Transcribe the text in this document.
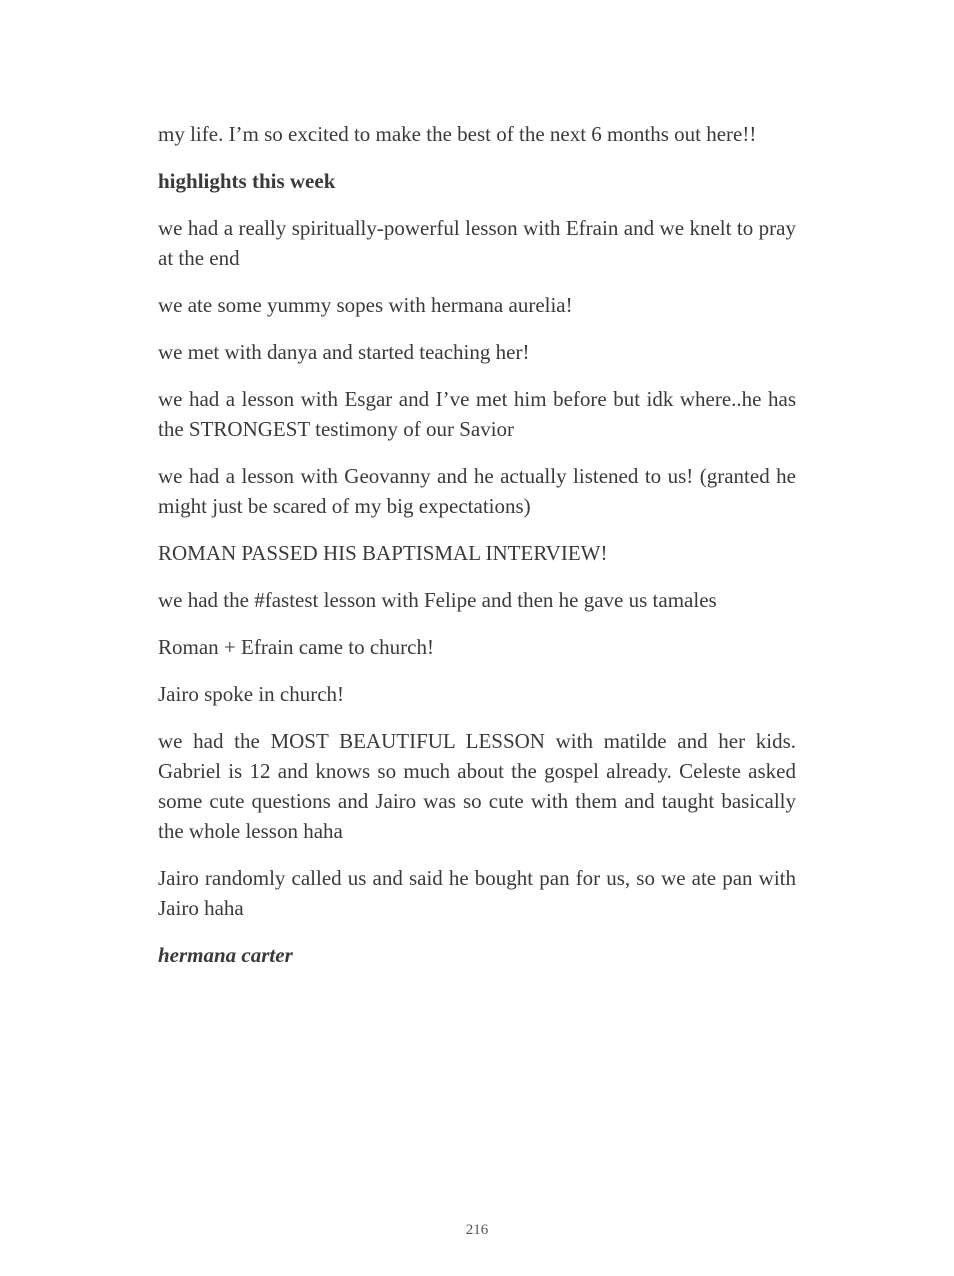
my life. I’m so excited to make the best of the next 6 months out here!!

highlights this week

we had a really spiritually-powerful lesson with Efrain and we knelt to pray at the end

we ate some yummy sopes with hermana aurelia!

we met with danya and started teaching her!

we had a lesson with Esgar and I’ve met him before but idk where..he has the STRONGEST testimony of our Savior

we had a lesson with Geovanny and he actually listened to us! (granted he might just be scared of my big expectations)

ROMAN PASSED HIS BAPTISMAL INTERVIEW!

we had the #fastest lesson with Felipe and then he gave us tamales

Roman + Efrain came to church!

Jairo spoke in church!

we had the MOST BEAUTIFUL LESSON with matilde and her kids. Gabriel is 12 and knows so much about the gospel already. Celeste asked some cute questions and Jairo was so cute with them and taught basically the whole lesson haha

Jairo randomly called us and said he bought pan for us, so we ate pan with Jairo haha

hermana carter

216
